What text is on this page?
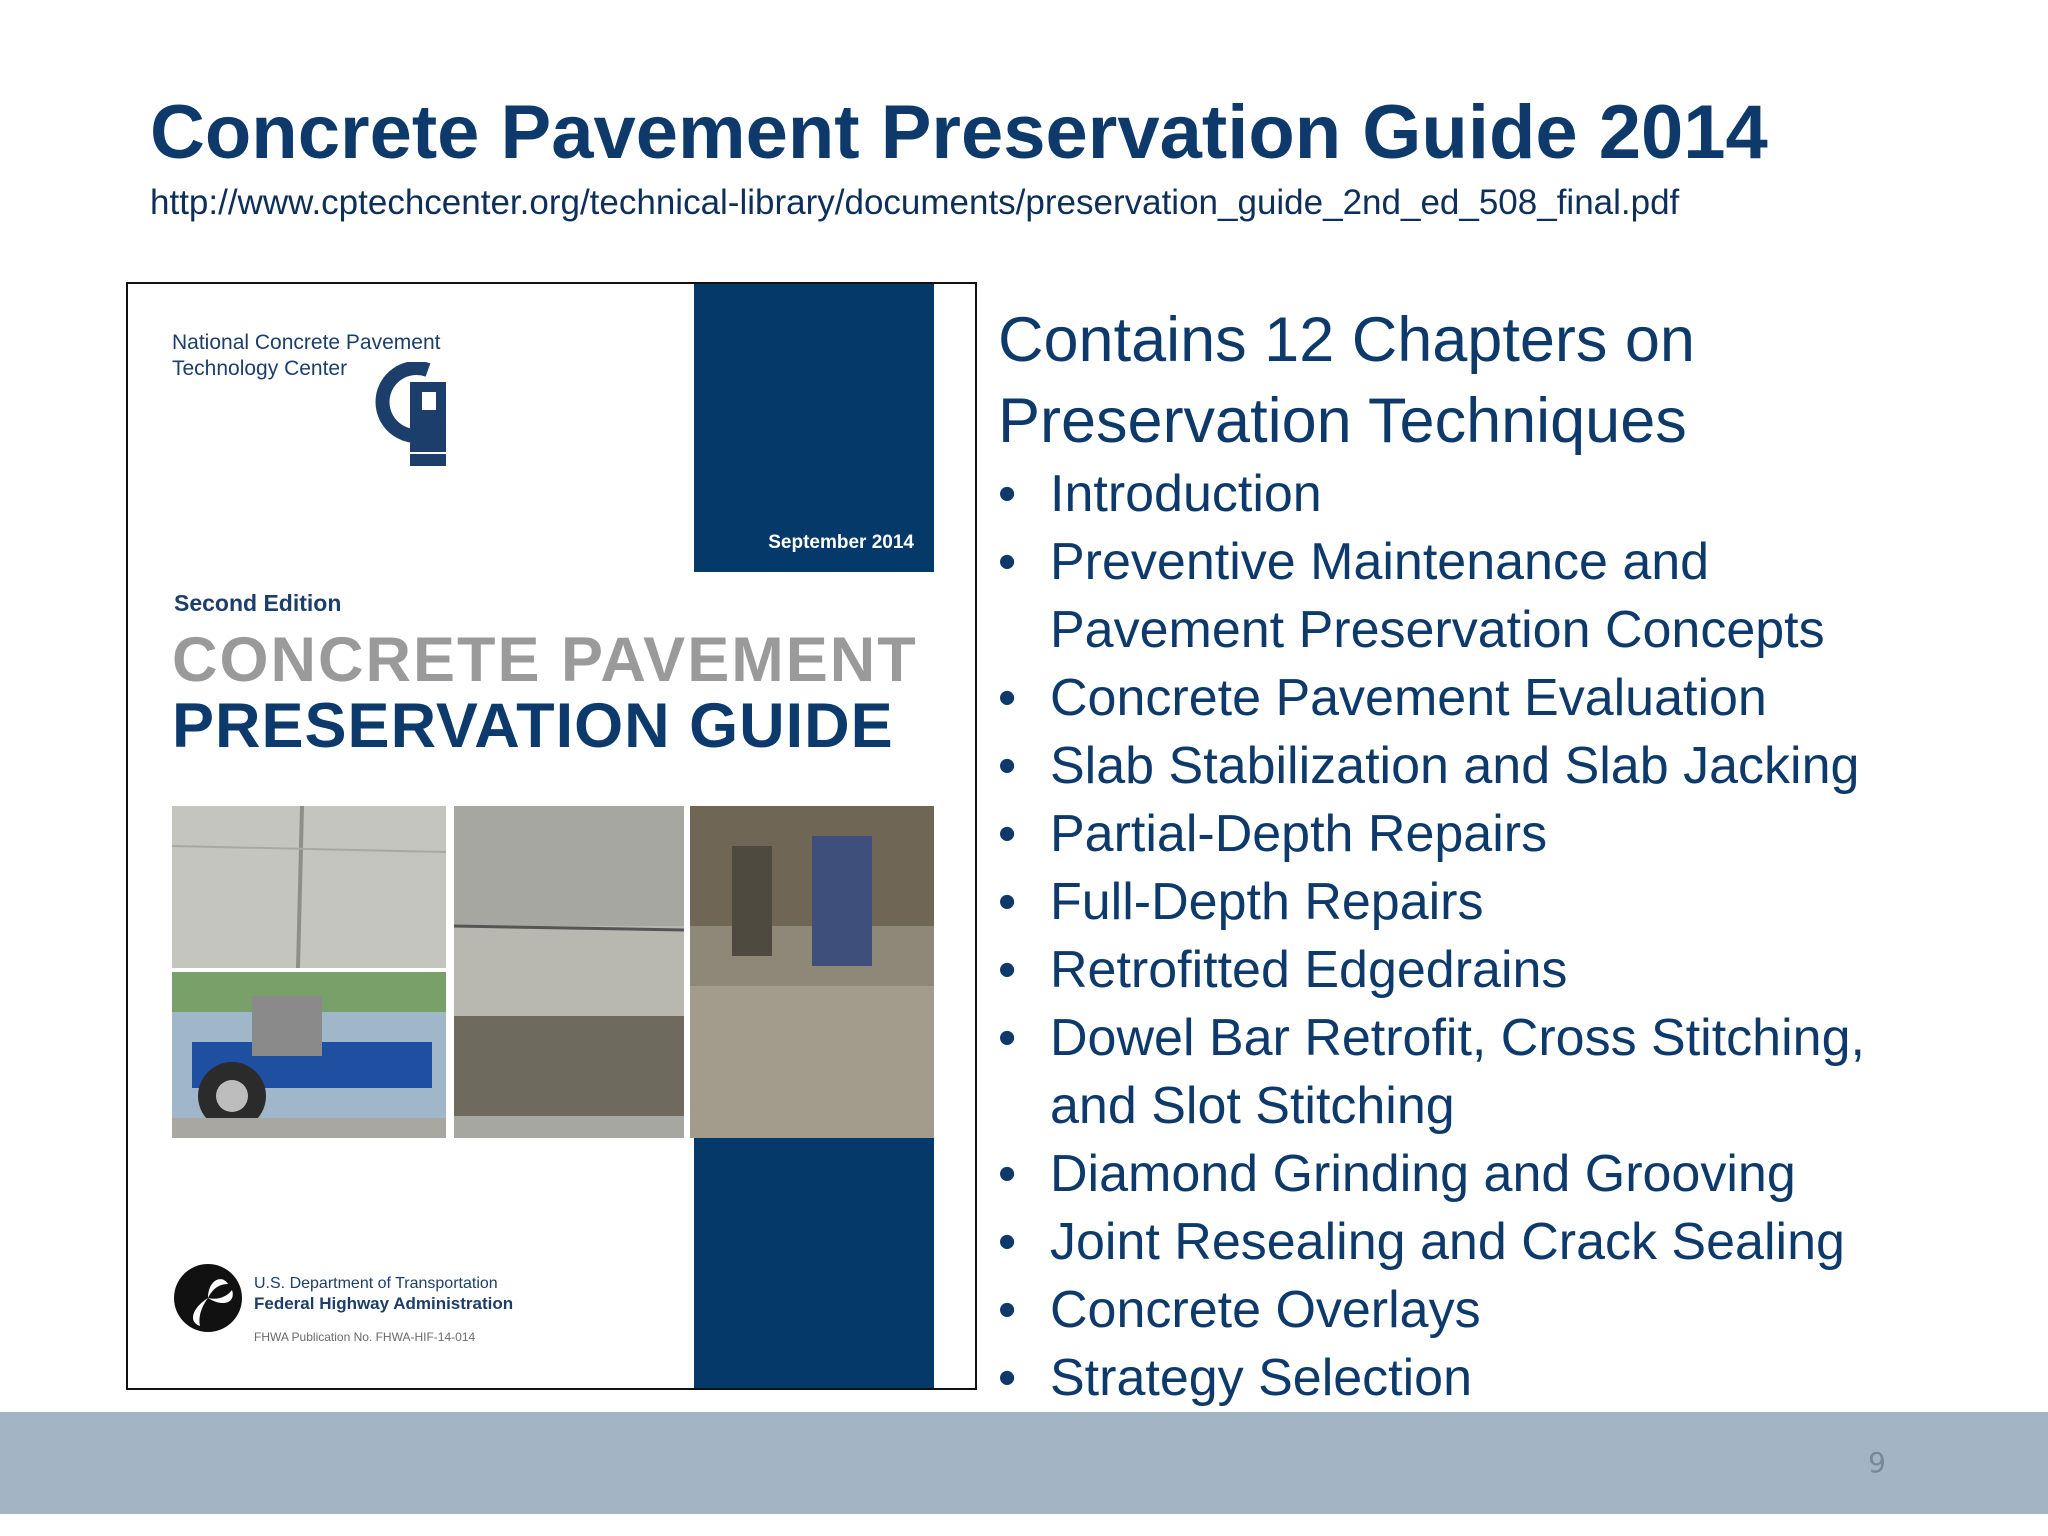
Concrete Pavement Preservation Guide 2014
http://www.cptechcenter.org/technical-library/documents/preservation_guide_2nd_ed_508_final.pdf
National Concrete Pavement
Technology Center
September 2014
Second Edition
CONCRETE PAVEMENT
PRESERVATION GUIDE
U.S. Department of Transportation
Federal Highway Administration
FHWA Publication No. FHWA-HIF-14-014
Contains 12 Chapters on Preservation Techniques
• Introduction
• Preventive Maintenance and
Pavement Preservation Concepts
• Concrete Pavement Evaluation
• Slab Stabilization and Slab Jacking
• Partial-Depth Repairs
• Full-Depth Repairs
• Retrofitted Edgedrains
• Dowel Bar Retrofit, Cross Stitching,
and Slot Stitching
• Diamond Grinding and Grooving
• Joint Resealing and Crack Sealing
• Concrete Overlays
• Strategy Selection
9
